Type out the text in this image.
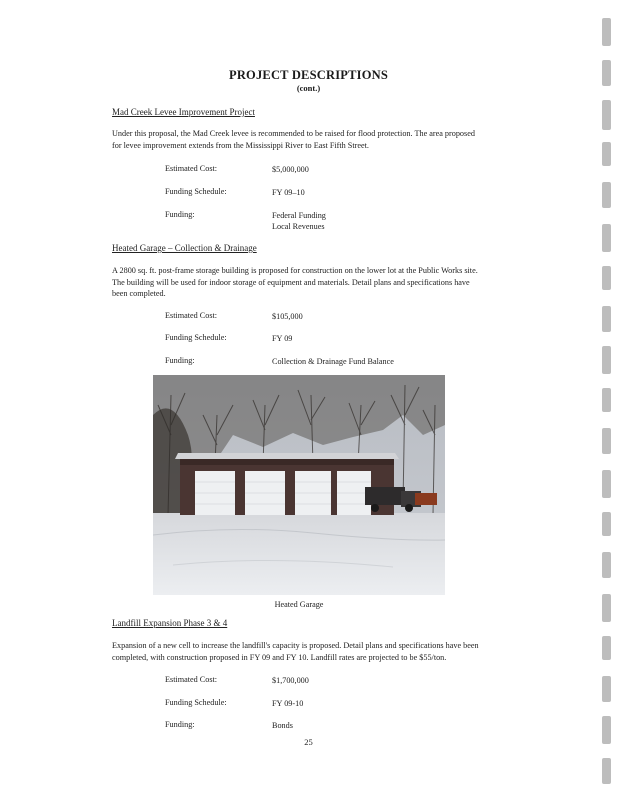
PROJECT DESCRIPTIONS
(cont.)
Mad Creek Levee Improvement Project
Under this proposal, the Mad Creek levee is recommended to be raised for flood protection. The area proposed
for levee improvement extends from the Mississippi River to East Fifth Street.
Estimated Cost:	$5,000,000
Funding Schedule:	FY 09–10
Funding:	Federal Funding
Local Revenues
Heated Garage – Collection & Drainage
A 2800 sq. ft. post-frame storage building is proposed for construction on the lower lot at the Public Works site.
The building will be used for indoor storage of equipment and materials. Detail plans and specifications have
been completed.
Estimated Cost:	$105,000
Funding Schedule:	FY 09
Funding:	Collection & Drainage Fund Balance
Heated Garage
Landfill Expansion Phase 3 & 4
Expansion of a new cell to increase the landfill's capacity is proposed. Detail plans and specifications have been
completed, with construction proposed in FY 09 and FY 10. Landfill rates are projected to be $55/ton.
Estimated Cost:	$1,700,000
Funding Schedule:	FY 09-10
Funding:	Bonds
25
